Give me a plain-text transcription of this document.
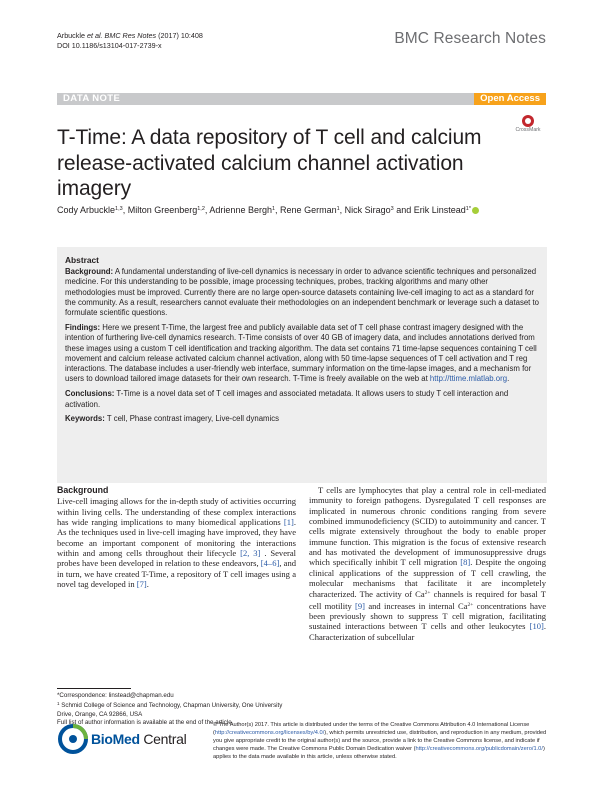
Arbuckle et al. BMC Res Notes (2017) 10:408
DOI 10.1186/s13104-017-2739-x	BMC Research Notes
DATA NOTE	Open Access
CrossMark
T-Time: A data repository of T cell and calcium release-activated calcium channel activation imagery
Cody Arbuckle$^{1,3}$, Milton Greenberg$^{1,2}$, Adrienne Bergh$^1$, Rene German$^1$, Nick Sirago$^3$ and Erik Linstead$^{1*}$
Abstract

Background: A fundamental understanding of live-cell dynamics is necessary in order to advance scientific techniques and personalized medicine. For this understanding to be possible, image processing techniques, probes, tracking algorithms and many other methodologies must be improved. Currently there are no large open-source datasets containing live-cell imaging to act as a standard for the community. As a result, researchers cannot evaluate their methodologies on an independent benchmark or leverage such a dataset to formulate scientific questions.

Findings: Here we present T-Time, the largest free and publicly available data set of T cell phase contrast imagery designed with the intention of furthering live-cell dynamics research. T-Time consists of over 40 GB of imagery data, and includes annotations derived from these images using a custom T cell identification and tracking algorithm. The data set contains 71 time-lapse sequences containing T cell movement and calcium release activated calcium channel activation, along with 50 time-lapse sequences of T cell activation and T reg interactions. The database includes a user-friendly web interface, summary information on the time-lapse images, and a mechanism for users to download tailored image datasets for their own research. T-Time is freely available on the web at http://ttime.mlatlab.org.

Conclusions: T-Time is a novel data set of T cell images and associated metadata. It allows users to study T cell interaction and activation.

Keywords: T cell, Phase contrast imagery, Live-cell dynamics

Background

Live-cell imaging allows for the in-depth study of activities occurring within living cells. The understanding of these complex interactions has wide ranging implications to many biomedical applications [1]. As the techniques used in live-cell imaging have improved, they have become an important component of monitoring the interactions within and among cells throughout their lifecycle [2, 3] . Several probes have been developed in relation to these endeavors, [4–6], and in turn, we have created T-Time, a repository of T cell images using a novel tag developed in [7].

T cells are lymphocytes that play a central role in cell-mediated immunity to foreign pathogens. Dysregulated T cell responses are implicated in numerous chronic conditions ranging from severe combined immunodeficiency (SCID) to autoimmunity and cancer. T cells migrate extensively throughout the body to enable proper immune function. This migration is the focus of extensive research and has motivated the development of immunosuppressive drugs which specifically inhibit T cell migration [8]. Despite the ongoing clinical applications of the suppression of T cell crawling, the molecular mechanisms that facilitate it are incompletely characterized. The activity of $Ca^{2+}$ channels is required for basal T cell motility [9] and increases in internal $Ca^{2+}$ concentrations have been previously shown to suppress T cell migration, facilitating sustained interactions between T cells and other leukocytes [10]. Characterization of subcellular

*Correspondence: linstead@chapman.edu
$^1$ Schmid College of Science and Technology, Chapman University, One University Drive, Orange, CA 92866, USA
Full list of author information is available at the end of the article
BioMed Central
© The Author(s) 2017. This article is distributed under the terms of the Creative Commons Attribution 4.0 International License (http://creativecommons.org/licenses/by/4.0/), which permits unrestricted use, distribution, and reproduction in any medium, provided you give appropriate credit to the original author(s) and the source, provide a link to the Creative Commons license, and indicate if changes were made. The Creative Commons Public Domain Dedication waiver (http://creativecommons.org/publicdomain/zero/1.0/) applies to the data made available in this article, unless otherwise stated.
